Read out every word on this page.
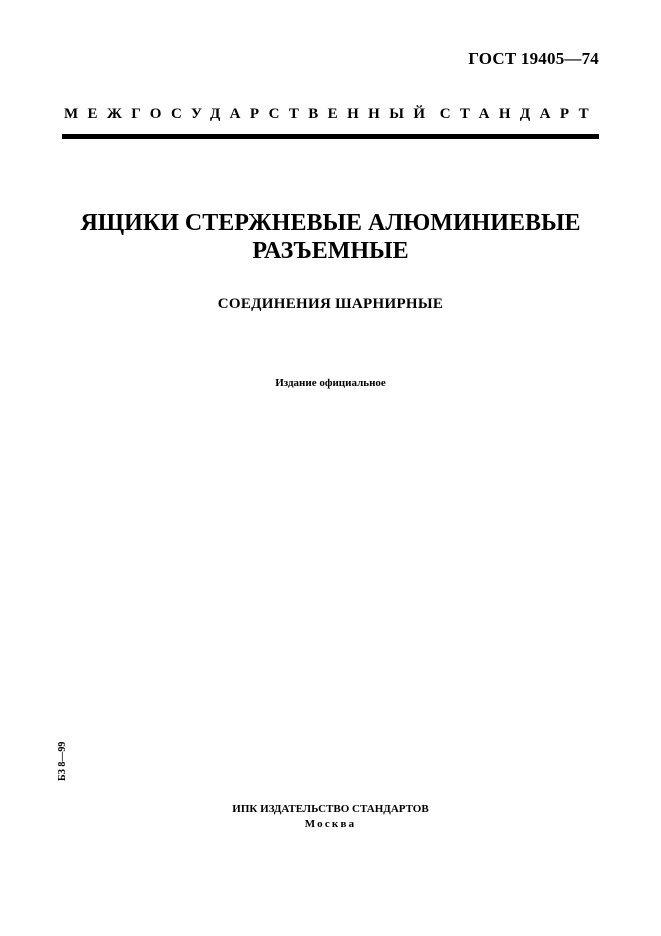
ГОСТ 19405—74
МЕЖГОСУДАРСТВЕННЫЙ СТАНДАРТ
ЯЩИКИ СТЕРЖНЕВЫЕ АЛЮМИНИЕВЫЕ
РАЗЪЕМНЫЕ
СОЕДИНЕНИЯ ШАРНИРНЫЕ
Издание официальное
БЗ 8—99
ИПК ИЗДАТЕЛЬСТВО СТАНДАРТОВ
Москва
